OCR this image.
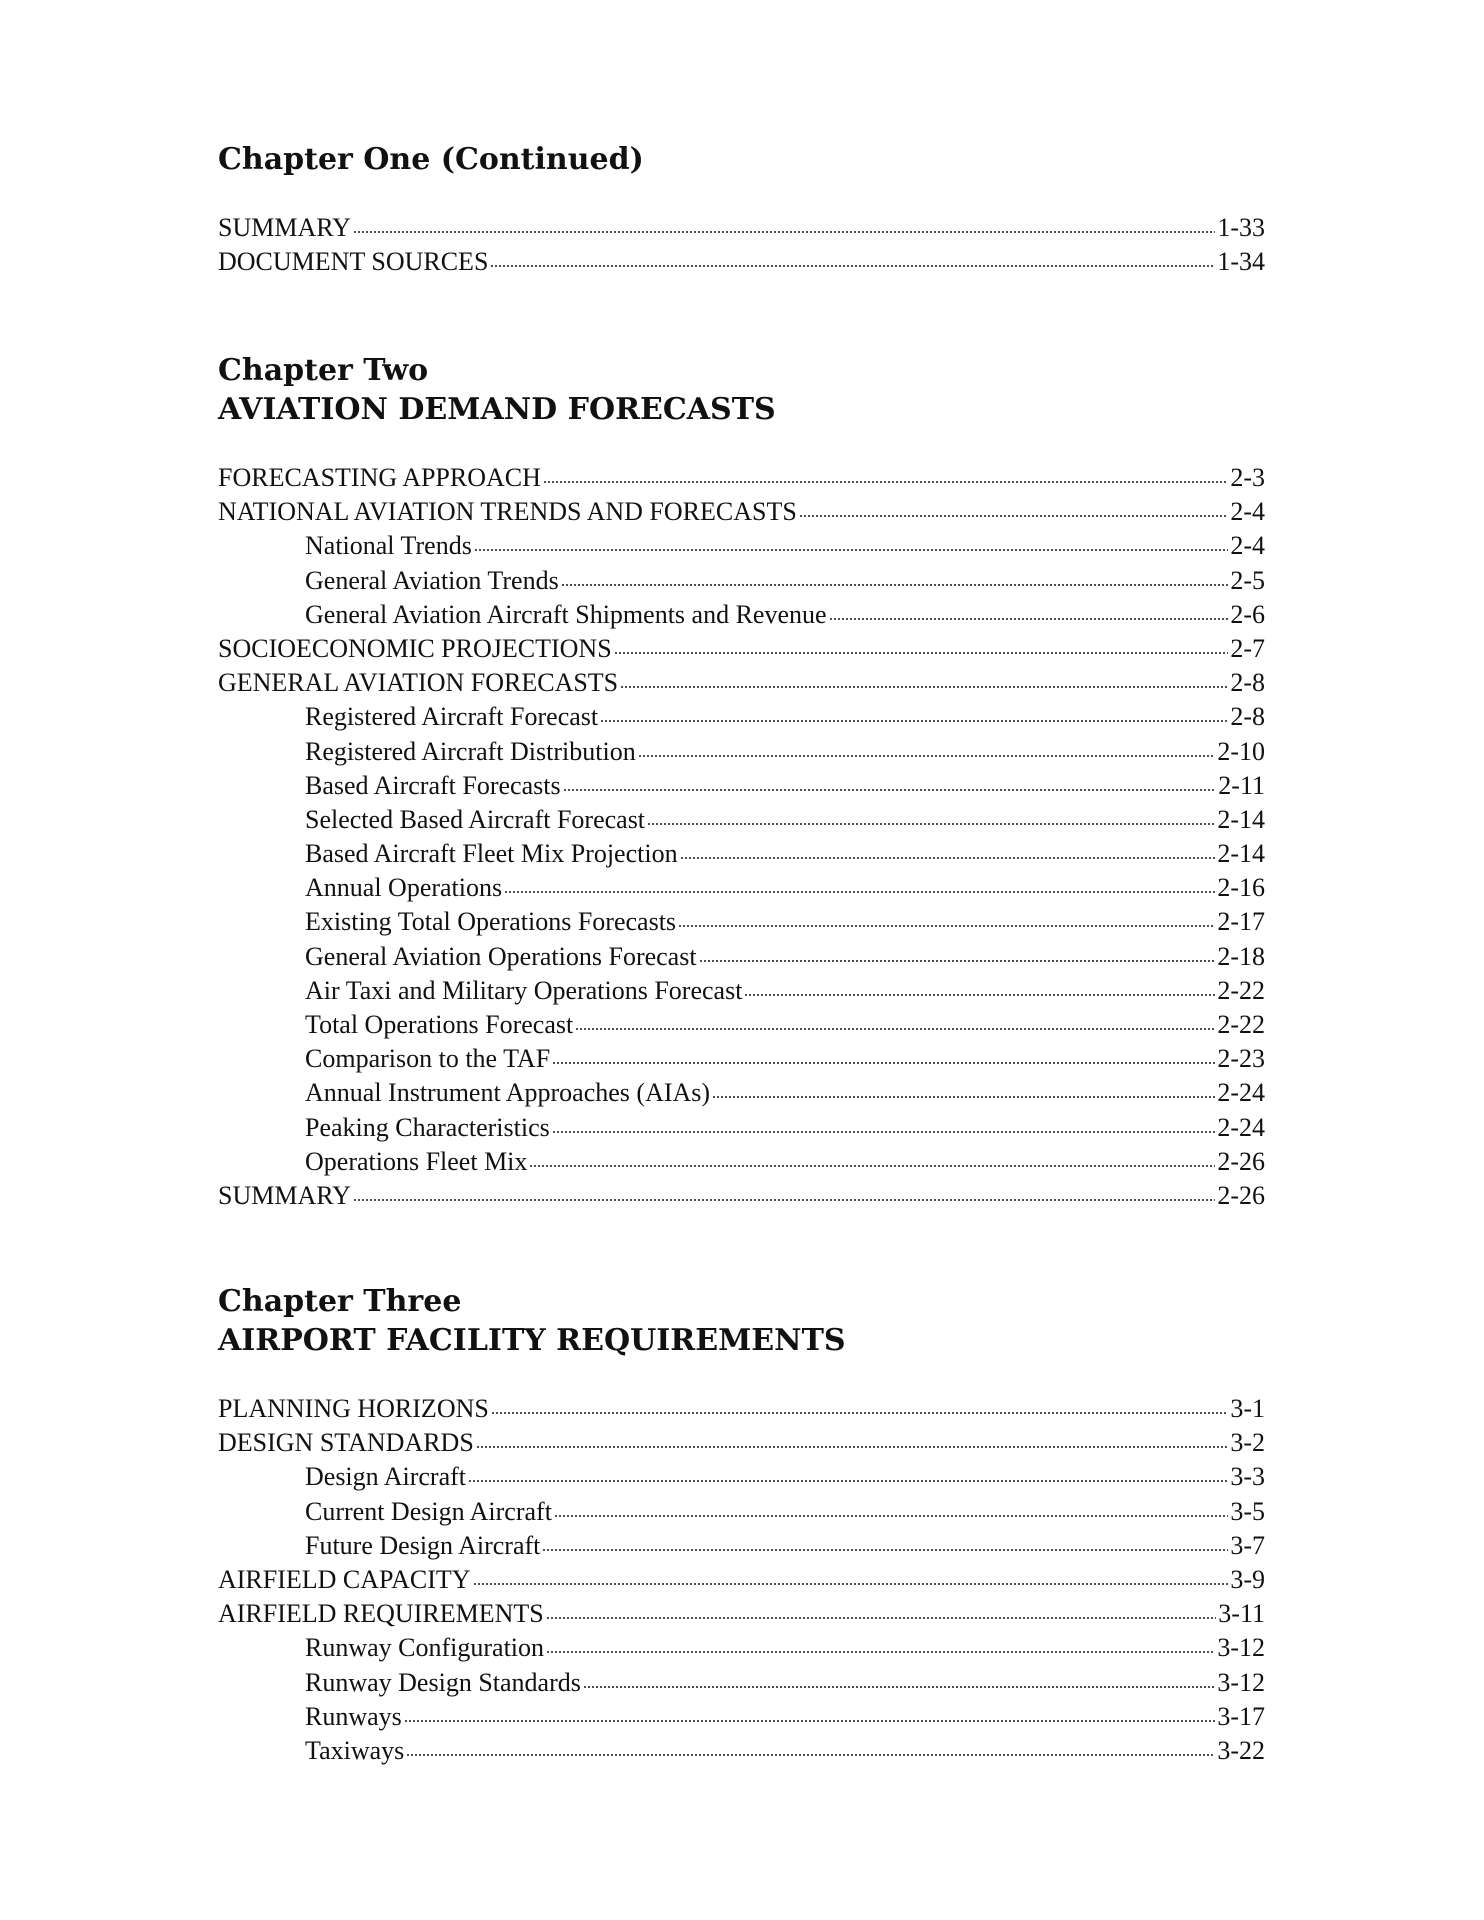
Chapter One (Continued)
SUMMARY	1-33
DOCUMENT SOURCES	1-34
Chapter Two
AVIATION DEMAND FORECASTS
FORECASTING APPROACH	2-3
NATIONAL AVIATION TRENDS AND FORECASTS	2-4
National Trends	2-4
General Aviation Trends	2-5
General Aviation Aircraft Shipments and Revenue	2-6
SOCIOECONOMIC PROJECTIONS	2-7
GENERAL AVIATION FORECASTS	2-8
Registered Aircraft Forecast	2-8
Registered Aircraft Distribution	2-10
Based Aircraft Forecasts	2-11
Selected Based Aircraft Forecast	2-14
Based Aircraft Fleet Mix Projection	2-14
Annual Operations	2-16
Existing Total Operations Forecasts	2-17
General Aviation Operations Forecast	2-18
Air Taxi and Military Operations Forecast	2-22
Total Operations Forecast	2-22
Comparison to the TAF	2-23
Annual Instrument Approaches (AIAs)	2-24
Peaking Characteristics	2-24
Operations Fleet Mix	2-26
SUMMARY	2-26
Chapter Three
AIRPORT FACILITY REQUIREMENTS
PLANNING HORIZONS	3-1
DESIGN STANDARDS	3-2
Design Aircraft	3-3
Current Design Aircraft	3-5
Future Design Aircraft	3-7
AIRFIELD CAPACITY	3-9
AIRFIELD REQUIREMENTS	3-11
Runway Configuration	3-12
Runway Design Standards	3-12
Runways	3-17
Taxiways	3-22
